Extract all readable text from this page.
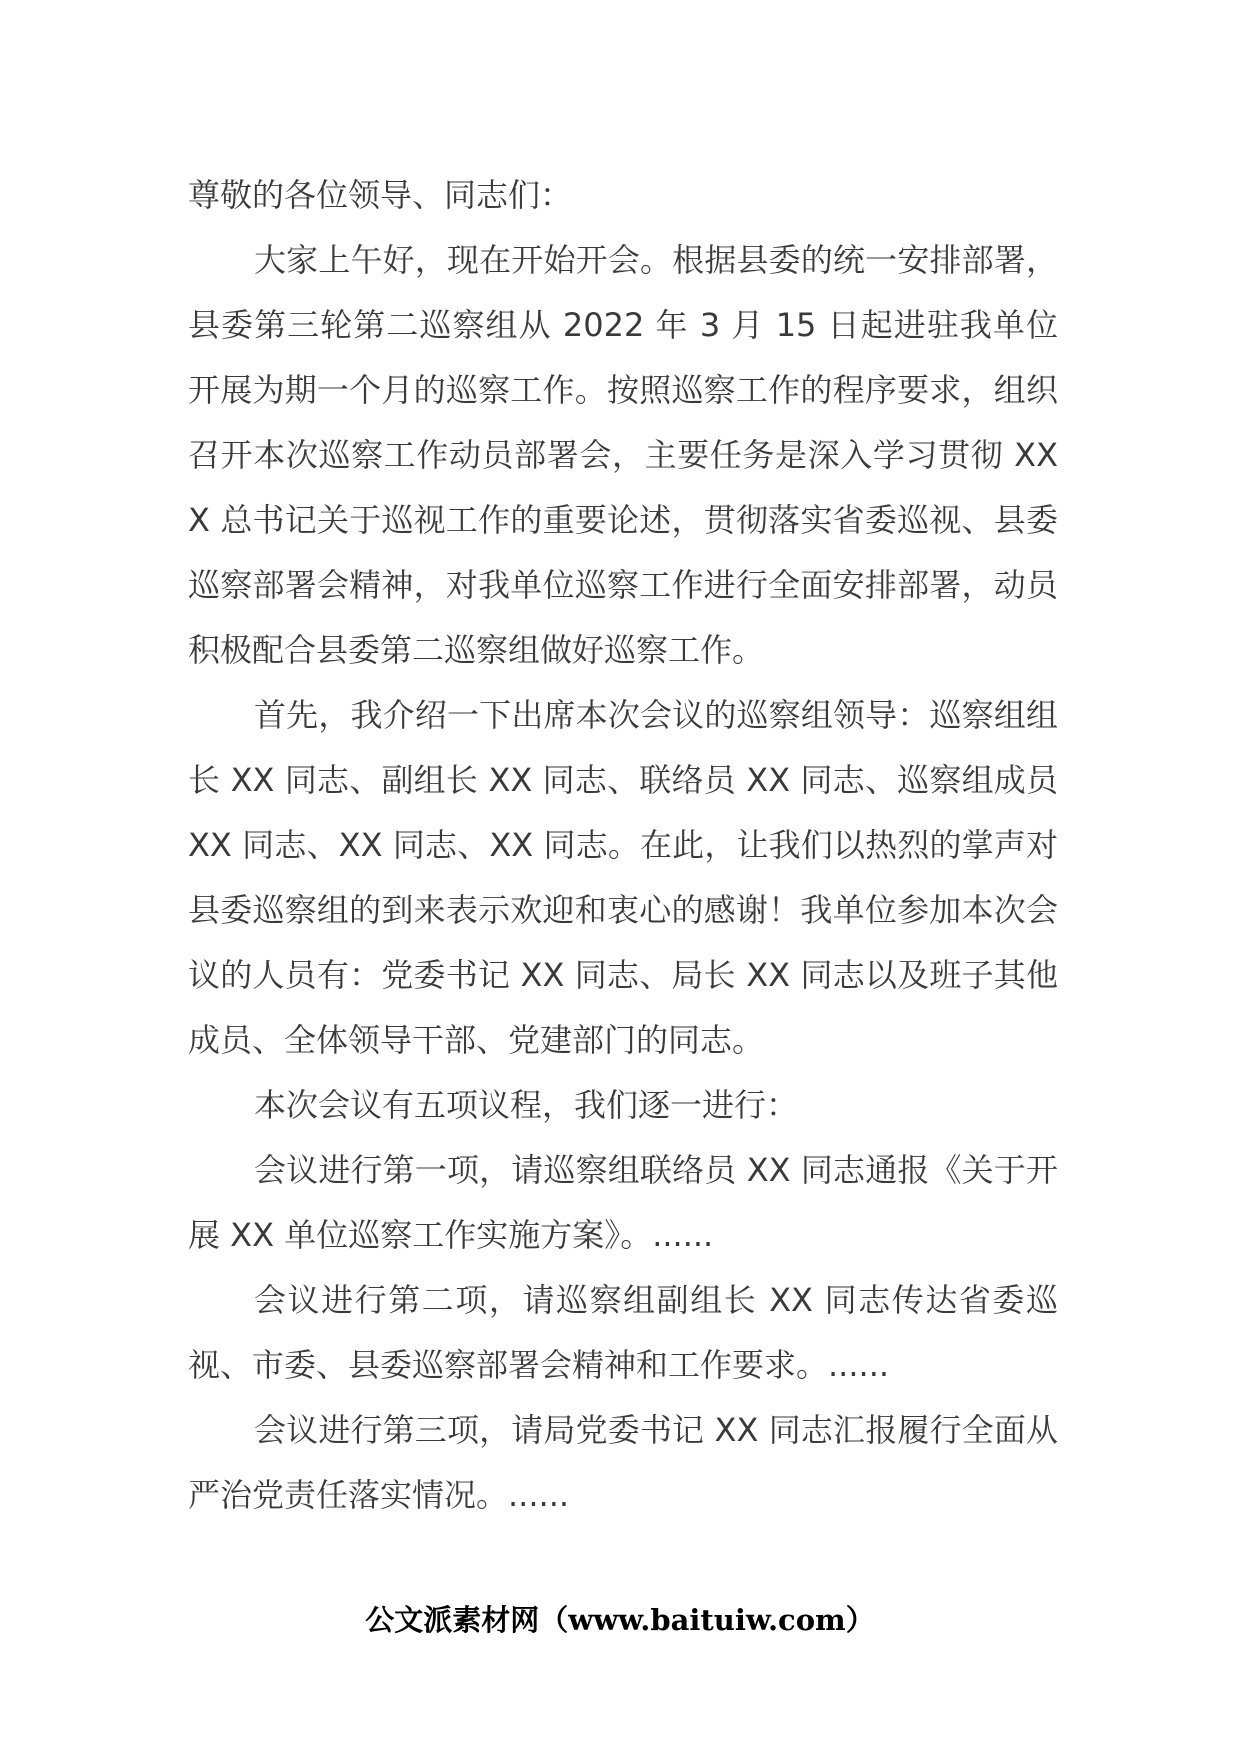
尊敬的各位领导、同志们：

大家上午好，现在开始开会。根据县委的统一安排部署，县委第三轮第二巡察组从 2022 年 3 月 15 日起进驻我单位开展为期一个月的巡察工作。按照巡察工作的程序要求，组织召开本次巡察工作动员部署会，主要任务是深入学习贯彻 XXX 总书记关于巡视工作的重要论述，贯彻落实省委巡视、县委巡察部署会精神，对我单位巡察工作进行全面安排部署，动员积极配合县委第二巡察组做好巡察工作。

首先，我介绍一下出席本次会议的巡察组领导：巡察组组长 XX 同志、副组长 XX 同志、联络员 XX 同志、巡察组成员 XX 同志、XX 同志、XX 同志。在此，让我们以热烈的掌声对县委巡察组的到来表示欢迎和衷心的感谢！我单位参加本次会议的人员有：党委书记 XX 同志、局长 XX 同志以及班子其他成员、全体领导干部、党建部门的同志。

本次会议有五项议程，我们逐一进行：

会议进行第一项，请巡察组联络员 XX 同志通报《关于开展 XX 单位巡察工作实施方案》。......

会议进行第二项，请巡察组副组长 XX 同志传达省委巡视、市委、县委巡察部署会精神和工作要求。......

会议进行第三项，请局党委书记 XX 同志汇报履行全面从严治党责任落实情况。......

公文派素材网（www.baituiw.com）
